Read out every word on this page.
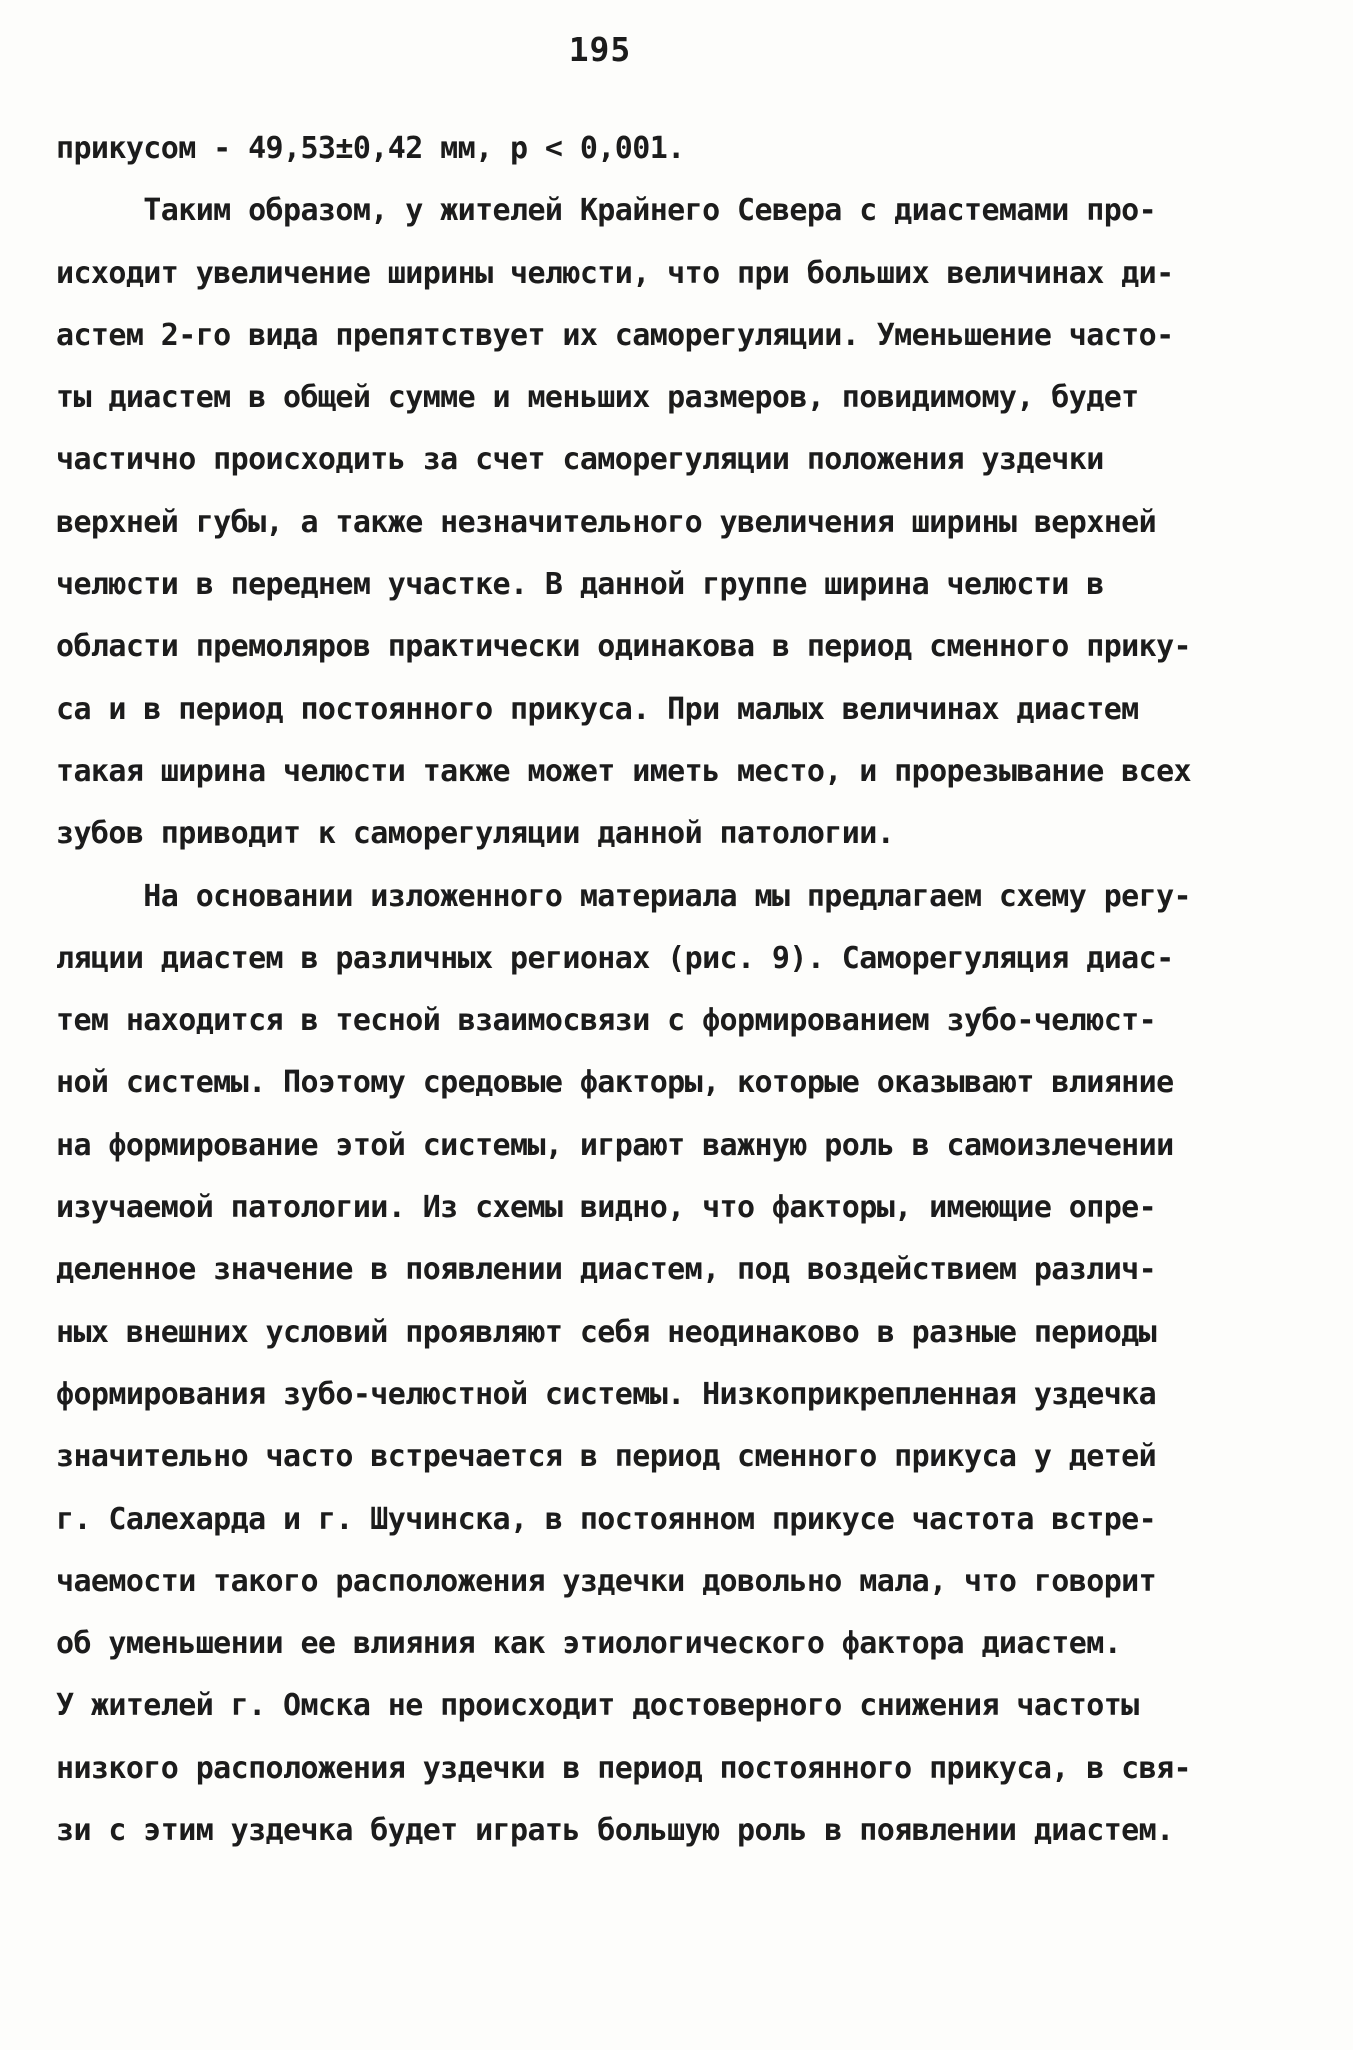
195
прикусом - 49,53±0,42 мм, р < 0,001.
Таким образом, у жителей Крайнего Севера с диастемами про-
исходит увеличение ширины челюсти, что при больших величинах ди-
астем 2-го вида препятствует их саморегуляции. Уменьшение часто-
ты диастем в общей сумме и меньших размеров, повидимому, будет
частично происходить за счет саморегуляции положения уздечки
верхней губы, а также незначительного увеличения ширины верхней
челюсти в переднем участке. В данной группе ширина челюсти в
области премоляров практически одинакова в период сменного прику-
са и в период постоянного прикуса. При малых величинах диастем
такая ширина челюсти также может иметь место, и прорезывание всех
зубов приводит к саморегуляции данной патологии.
На основании изложенного материала мы предлагаем схему регу-
ляции диастем в различных регионах (рис. 9). Саморегуляция диас-
тем находится в тесной взаимосвязи с формированием зубо-челюст-
ной системы. Поэтому средовые факторы, которые оказывают влияние
на формирование этой системы, играют важную роль в самоизлечении
изучаемой патологии. Из схемы видно, что факторы, имеющие опре-
деленное значение в появлении диастем, под воздействием различ-
ных внешних условий проявляют себя неодинаково в разные периоды
формирования зубо-челюстной системы. Низкоприкрепленная уздечка
значительно часто встречается в период сменного прикуса у детей
г. Салехарда и г. Шучинска, в постоянном прикусе частота встре-
чаемости такого расположения уздечки довольно мала, что говорит
об уменьшении ее влияния как этиологического фактора диастем.
У жителей г. Омска не происходит достоверного снижения частоты
низкого расположения уздечки в период постоянного прикуса, в свя-
зи с этим уздечка будет играть большую роль в появлении диастем.
